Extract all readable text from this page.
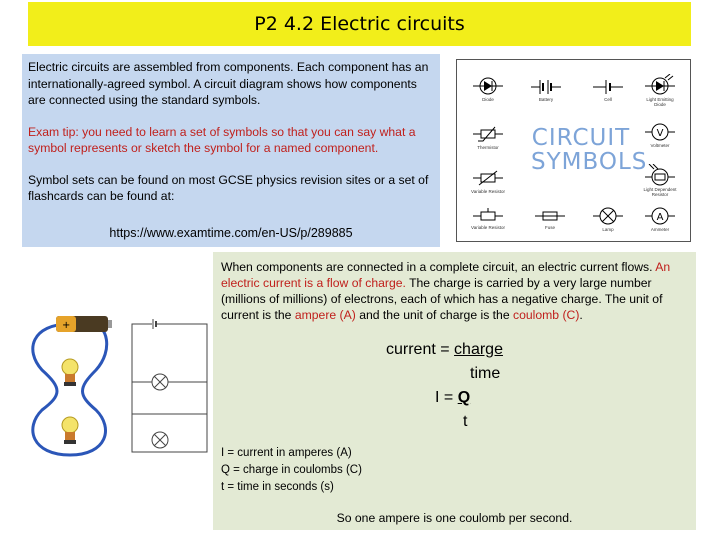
P2 4.2 Electric circuits

Electric circuits are assembled from components. Each component has an internationally-agreed symbol. A circuit diagram shows how components are connected using the standard symbols.

Exam tip: you need to learn a set of symbols so that you can say what a symbol represents or sketch the symbol for a named component.

Symbol sets can be found on most GCSE physics revision sites or a set of flashcards can be found at:

https://www.examtime.com/en-US/p/289885
Diode	Battery	Cell	Light Emitting Diode
Thermistor CIRCUIT
SYMBOLS
V
Voltmeter
Variable Resistor	Light Dependent Resistor
Variable Resistor	Fuse	Lamp
A
Ammeter
+

When components are connected in a complete circuit, an electric current flows. An electric current is a flow of charge. The charge is carried by a very large number (millions of millions) of electrons, each of which has a negative charge. The unit of current is the ampere (A) and the unit of charge is the coulomb (C).

current = charge
time
I = Q
t
I = current in amperes (A)
Q = charge in coulombs (C)
t = time in seconds (s)
So one ampere is one coulomb per second.
